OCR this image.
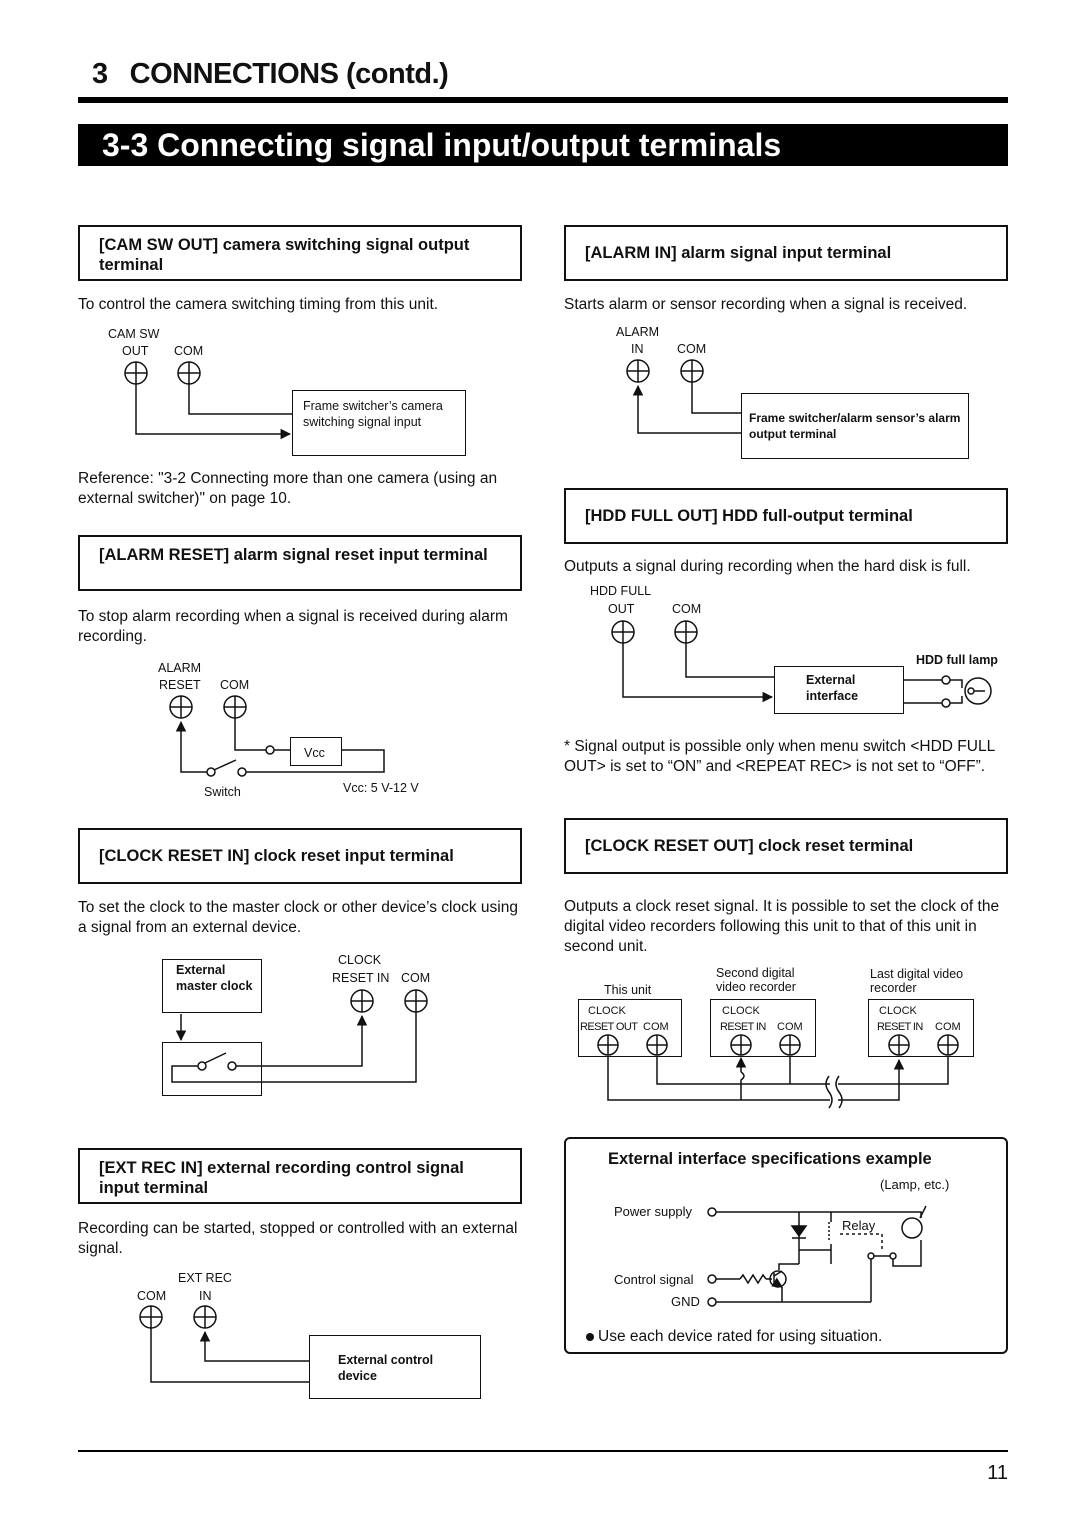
3 CONNECTIONS (contd.)
3-3 Connecting signal input/output terminals
[CAM SW OUT] camera switching signal output terminal
To control the camera switching timing from this unit.
CAM SW
OUT COM
Frame switcher’s camera switching signal input
Reference: "3-2 Connecting more than one camera (using an external switcher)" on page 10.
[ALARM RESET] alarm signal reset input terminal
To stop alarm recording when a signal is received during alarm recording.
ALARM
RESET COM
Vcc
Switch	Vcc: 5 V-12 V
[CLOCK RESET IN] clock reset input terminal
To set the clock to the master clock or other device’s clock using a signal from an external device.
External master clock
CLOCK
RESET IN COM
[EXT REC IN] external recording control signal input terminal
Recording can be started, stopped or controlled with an external signal.
EXT REC
COM	IN
External control device
[ALARM IN] alarm signal input terminal
Starts alarm or sensor recording when a signal is received.
ALARM
IN	COM
Frame switcher/alarm sensor’s alarm output terminal
[HDD FULL OUT] HDD full-output terminal
Outputs a signal during recording when the hard disk is full.
HDD FULL
OUT	COM
HDD full lamp
External interface
* Signal output is possible only when menu switch <HDD FULL OUT> is set to “ON” and <REPEAT REC> is not set to “OFF”.
[CLOCK RESET OUT] clock reset terminal
Outputs a clock reset signal. It is possible to set the clock of the digital video recorders following this unit to that of this unit in second unit.
This unit
Second digital video recorder
Last digital video recorder
CLOCK
RESET OUT COM
CLOCK
RESET IN COM
CLOCK
RESET IN COM
External interface specifications example
(Lamp, etc.)
Power supply
Relay
Control signal
GND
Use each device rated for using situation.
11
